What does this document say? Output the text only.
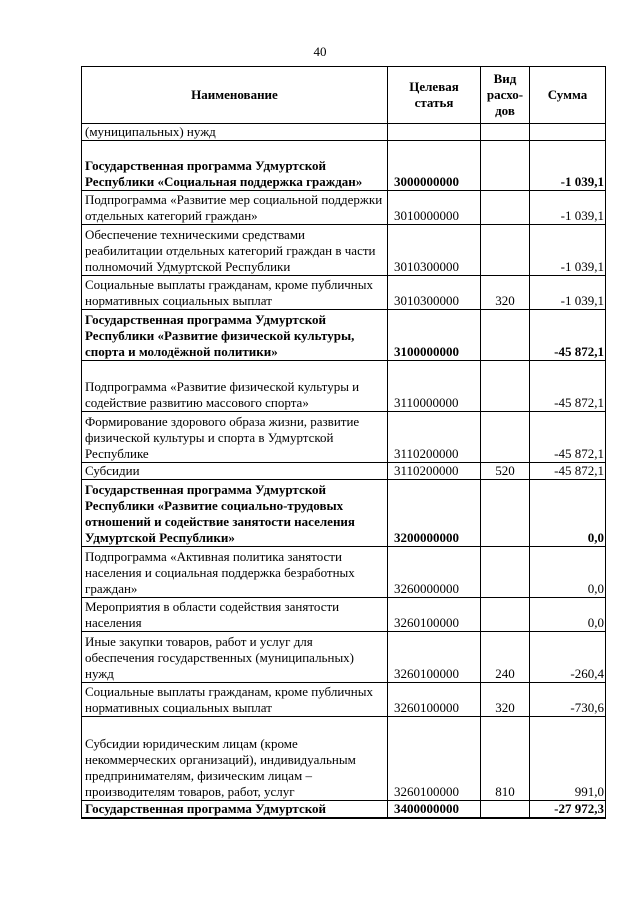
40
Наименование	Целевая статья	Вид расхо-дов	Сумма
(муниципальных) нужд			
Государственная программа Удмуртской Республики «Социальная поддержка граждан»	3000000000		-1 039,1
Подпрограмма «Развитие мер социальной поддержки отдельных категорий граждан»	3010000000		-1 039,1
Обеспечение техническими средствами реабилитации отдельных категорий граждан в части полномочий Удмуртской Республики	3010300000		-1 039,1
Социальные выплаты гражданам, кроме публичных нормативных социальных выплат	3010300000	320	-1 039,1
Государственная программа Удмуртской Республики «Развитие физической культуры, спорта и молодёжной политики»	3100000000		-45 872,1
Подпрограмма «Развитие физической культуры и содействие развитию массового спорта»	3110000000		-45 872,1
Формирование здорового образа жизни, развитие физической культуры и спорта в Удмуртской Республике	3110200000		-45 872,1
Субсидии	3110200000	520	-45 872,1
Государственная программа Удмуртской Республики «Развитие социально-трудовых отношений и содействие занятости населения Удмуртской Республики»	3200000000		0,0
Подпрограмма «Активная политика занятости населения и социальная поддержка безработных граждан»	3260000000		0,0
Мероприятия в области содействия занятости населения	3260100000		0,0
Иные закупки товаров, работ и услуг для обеспечения государственных (муниципальных) нужд	3260100000	240	-260,4
Социальные выплаты гражданам, кроме публичных нормативных социальных выплат	3260100000	320	-730,6
Субсидии юридическим лицам (кроме некоммерческих организаций), индивидуальным предпринимателям, физическим лицам – производителям товаров, работ, услуг	3260100000	810	991,0
Государственная программа Удмуртской	3400000000		-27 972,3
